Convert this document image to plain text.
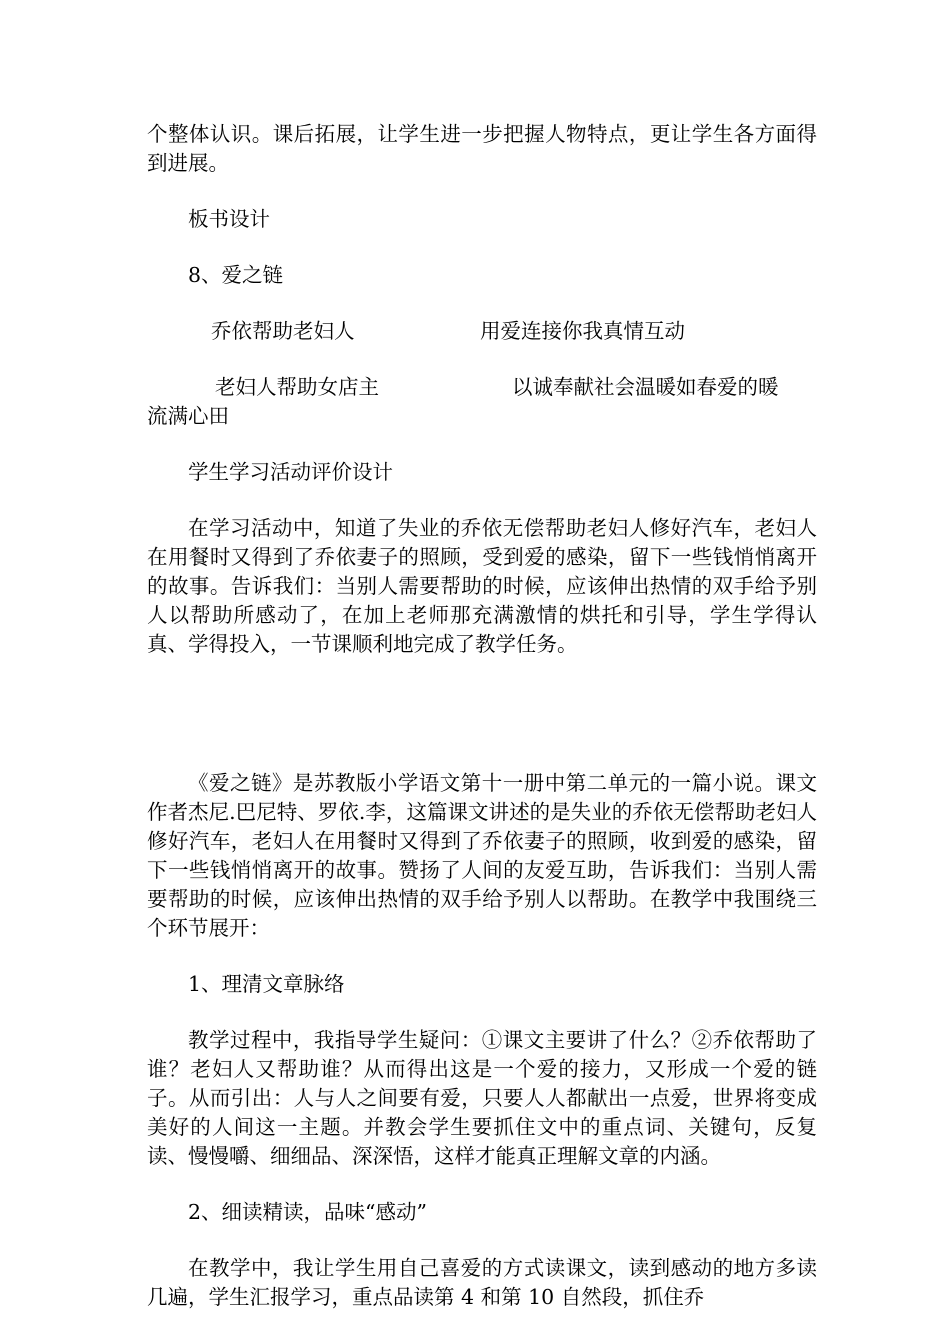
个整体认识。课后拓展，让学生进一步把握人物特点，更让学生各方面得到进展。

板书设计

8、爱之链

乔依帮助老妇人	用爱连接你我真情互动
老妇人帮助女店主	以诚奉献社会温暖如春爱的暖

流满心田

学生学习活动评价设计

在学习活动中，知道了失业的乔依无偿帮助老妇人修好汽车，老妇人在用餐时又得到了乔依妻子的照顾，受到爱的感染，留下一些钱悄悄离开的故事。告诉我们：当别人需要帮助的时候，应该伸出热情的双手给予别人以帮助所感动了，在加上老师那充满激情的烘托和引导，学生学得认真、学得投入，一节课顺利地完成了教学任务。

《爱之链》是苏教版小学语文第十一册中第二单元的一篇小说。课文作者杰尼.巴尼特、罗依.李，这篇课文讲述的是失业的乔依无偿帮助老妇人修好汽车，老妇人在用餐时又得到了乔依妻子的照顾，收到爱的感染，留下一些钱悄悄离开的故事。赞扬了人间的友爱互助，告诉我们：当别人需要帮助的时候，应该伸出热情的双手给予别人以帮助。在教学中我围绕三个环节展开：

1、理清文章脉络

教学过程中，我指导学生疑问：①课文主要讲了什么？②乔依帮助了谁？老妇人又帮助谁？从而得出这是一个爱的接力，又形成一个爱的链子。从而引出：人与人之间要有爱，只要人人都献出一点爱，世界将变成美好的人间这一主题。并教会学生要抓住文中的重点词、关键句，反复读、慢慢嚼、细细品、深深悟，这样才能真正理解文章的内涵。

2、细读精读，品味“感动”

在教学中，我让学生用自己喜爱的方式读课文，读到感动的地方多读几遍，学生汇报学习，重点品读第 4 和第 10 自然段，抓住乔
